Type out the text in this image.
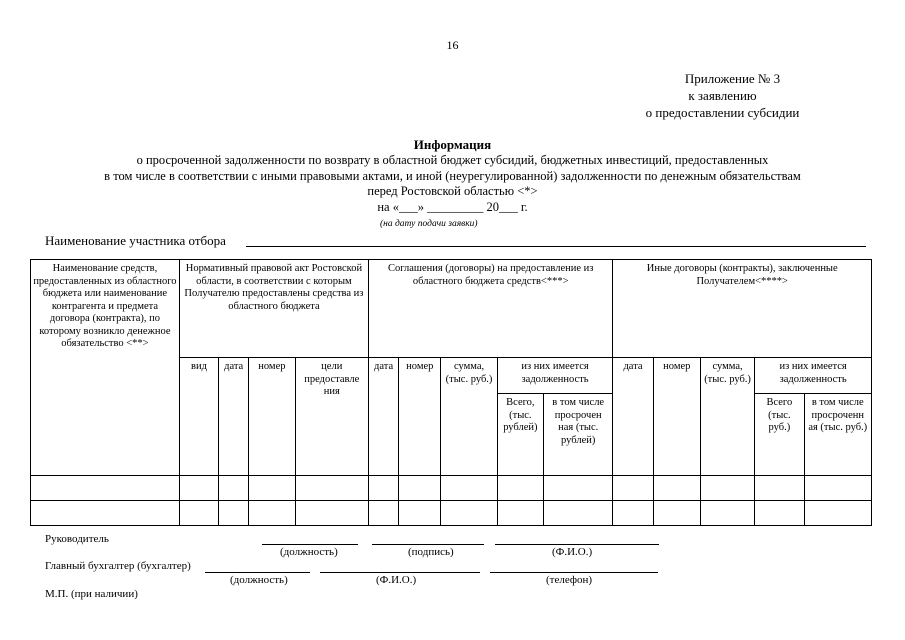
16
Приложение № 3
к заявлению
о предоставлении субсидии
Информация
о просроченной задолженности по возврату в областной бюджет субсидий, бюджетных инвестиций, предоставленных
в том числе в соответствии с иными правовыми актами, и иной (неурегулированной) задолженности по денежным обязательствам
перед Ростовской областью <*>
на «___» _________ 20___ г.
(на дату подачи заявки)
Наименование участника отбора
Наименование средств, предоставленных из областного бюджета или наименование контрагента и предмета договора (контракта), по которому возникло денежное обязательство <**>	Нормативный правовой акт Ростовской области, в соответствии с которым Получателю предоставлены средства из областного бюджета				Соглашения (договоры) на предоставление из областного бюджета средств<***>					Иные договоры (контракты), заключенные Получателем<****>				
	вид	дата	номер	цели предоставле ния	дата	номер	сумма, (тыс. руб.)	из них имеется задолженность		дата	номер	сумма, (тыс. руб.)	из них имеется задолженность	
								Всего, (тыс. рублей)	в том числе просрочен ная (тыс. рублей)				Всего (тыс. руб.)	в том числе просроченн ая (тыс. руб.)

Руководитель
(должность)	(подпись)	(Ф.И.О.)
Главный бухгалтер (бухгалтер)
(должность)	(Ф.И.О.)	(телефон)
М.П. (при наличии)
